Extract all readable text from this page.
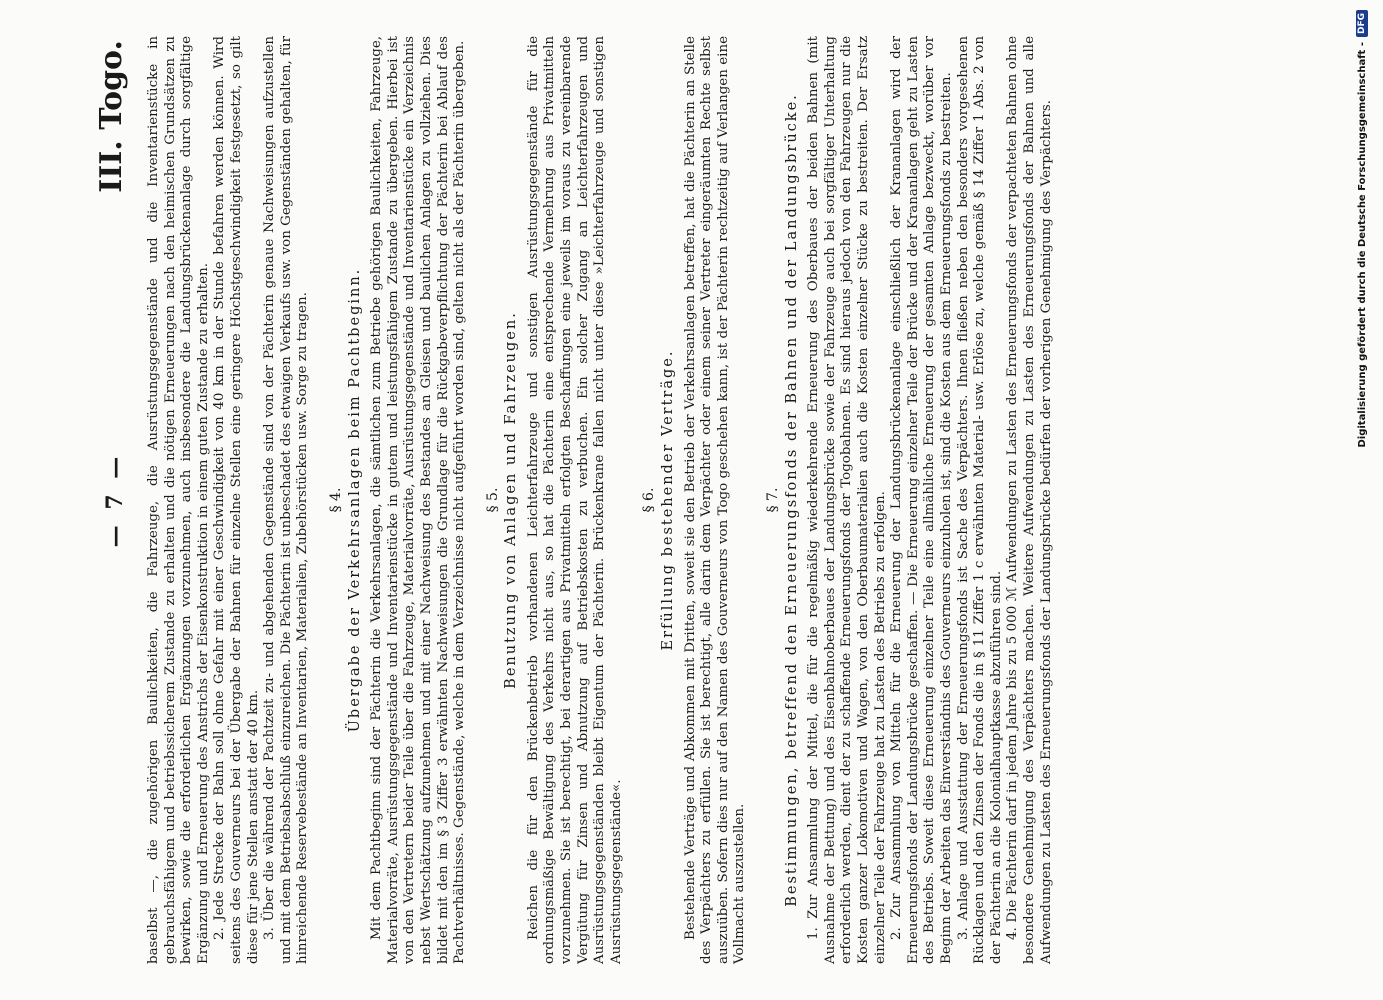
— 7 —
III. Togo. baselbst —, die zugehörigen Baulichkeiten, die Fahrzeuge, die Ausrüstungsgegenstände und die Inventarienstücke in gebrauchsfähigem und betriebssicherem Zustande zu erhalten und die nötigen Erneuerungen nach den heimischen Grundsätzen zu bewirken, sowie die erforderlichen Ergänzungen vorzunehmen, auch insbesondere die Landungsbrückenanlage durch sorgfältige Ergänzung und Erneuerung des Anstrichs der Eisenkonstruktion in einem guten Zustande zu erhalten. 2. Jede Strecke der Bahn soll ohne Gefahr mit einer Geschwindigkeit von 40 km in der Stunde befahren werden können. Wird seitens des Gouverneurs bei der Übergabe der Bahnen für einzelne Stellen eine geringere Höchstgeschwindigkeit festgesetzt, so gilt diese für jene Stellen anstatt der 40 km. 3. Über die während der Pachtzeit zu- und abgehenden Gegenstände sind von der Pächterin genaue Nachweisungen aufzustellen und mit dem Betriebsabschluß einzureichen. Die Pächterin ist unbeschadet des etwaigen Verkaufs usw. von Gegenständen gehalten, für hinreichende Reservebestände an Inventarien, Materialien, Zubehörstücken usw. Sorge zu tragen. § 4. Übergabe der Verkehrsanlagen beim Pachtbeginn. Mit dem Pachtbeginn sind der Pächterin die Verkehrsanlagen, die sämtlichen zum Betriebe gehörigen Baulichkeiten, Fahrzeuge, Materialvorräte, Ausrüstungsgegenstände und Inventarienstücke in gutem und leistungsfähigem Zustande zu übergeben. Hierbei ist von den Vertretern beider Teile über die Fahrzeuge, Materialvorräte, Ausrüstungsgegenstände und Inventarienstücke ein Verzeichnis nebst Wertschätzung aufzunehmen und mit einer Nachweisung des Bestandes an Gleisen und baulichen Anlagen zu vollziehen. Dies bildet mit den im § 3 Ziffer 3 erwähnten Nachweisungen die Grundlage für die Rückgabeverpflichtung der Pächterin bei Ablauf des Pachtverhältnisses. Gegenstände, welche in dem Verzeichnisse nicht aufgeführt worden sind, gelten nicht als der Pächterin übergeben. § 5. Benutzung von Anlagen und Fahrzeugen. Reichen die für den Brückenbetrieb vorhandenen Leichterfahrzeuge und sonstigen Ausrüstungsgegenstände für die ordnungsmäßige Bewältigung des Verkehrs nicht aus, so hat die Pächterin eine entsprechende Vermehrung aus Privatmitteln vorzunehmen. Sie ist berechtigt, bei derartigen aus Privatmitteln erfolgten Beschaffungen eine jeweils im voraus zu vereinbarende Vergütung für Zinsen und Abnutzung auf Betriebskosten zu verbuchen. Ein solcher Zugang an Leichterfahrzeugen und Ausrüstungsgegenständen bleibt Eigentum der Pächterin. Brückenkrane fallen nicht unter diese »Leichterfahrzeuge und sonstigen Ausrüstungsgegenstände«.

§ 6. Erfüllung bestehender Verträge. Bestehende Verträge und Abkommen mit Dritten, soweit sie den Betrieb der Verkehrsanlagen betreffen, hat die Pächterin an Stelle des Verpächters zu erfüllen. Sie ist berechtigt, alle darin dem Verpächter oder einem seiner Vertreter eingeräumten Rechte selbst auszuüben. Sofern dies nur auf den Namen des Gouverneurs von Togo geschehen kann, ist der Pächterin rechtzeitig auf Verlangen eine Vollmacht auszustellen.

§ 7. Bestimmungen, betreffend den Erneuerungsfonds der Bahnen und der Landungsbrücke. 1. Zur Ansammlung der Mittel, die für die regelmäßig wiederkehrende Erneuerung des Oberbaues der beiden Bahnen (mit Ausnahme der Bettung) und des Eisenbahnoberbaues der Landungsbrücke sowie der Fahrzeuge auch bei sorgfältiger Unterhaltung erforderlich werden, dient der zu schaffende Erneuerungsfonds der Togobahnen. Es sind hieraus jedoch von den Fahrzeugen nur die Kosten ganzer Lokomotiven und Wagen, von den Oberbaumaterialien auch die Kosten einzelner Stücke zu bestreiten. Der Ersatz einzelner Teile der Fahrzeuge hat zu Lasten des Betriebs zu erfolgen. 2. Zur Ansammlung von Mitteln für die Erneuerung der Landungsbrückenanlage einschließlich der Krananlagen wird der Erneuerungsfonds der Landungsbrücke geschaffen. — Die Erneuerung einzelner Teile der Brücke und der Krananlagen geht zu Lasten des Betriebs. Soweit diese Erneuerung einzelner Teile eine allmähliche Erneuerung der gesamten Anlage bezweckt, worüber vor Beginn der Arbeiten das Einverständnis des Gouverneurs einzuholen ist, sind die Kosten aus dem Erneuerungsfonds zu bestreiten. 3. Anlage und Ausstattung der Erneuerungsfonds ist Sache des Verpächters. Ihnen fließen neben den besonders vorgesehenen Rücklagen und den Zinsen der Fonds die in § 11 Ziffer 1 c erwähnten Material- usw. Erlöse zu, welche gemäß § 14 Ziffer 1 Abs. 2 von der Pächterin an die Kolonialhauptkasse abzuführen sind. 4. Die Pächterin darf in jedem Jahre bis zu 5 000 ℳ Aufwendungen zu Lasten des Erneuerungsfonds der verpachteten Bahnen ohne besondere Genehmigung des Verpächters machen. Weitere Aufwendungen zu Lasten des Erneuerungsfonds der Bahnen und alle Aufwendungen zu Lasten des Erneuerungsfonds der Landungsbrücke bedürfen der vorherigen Genehmigung des Verpächters.	Digitalisierung gefördert durch die Deutsche Forschungsgemeinschaft -
DFG
